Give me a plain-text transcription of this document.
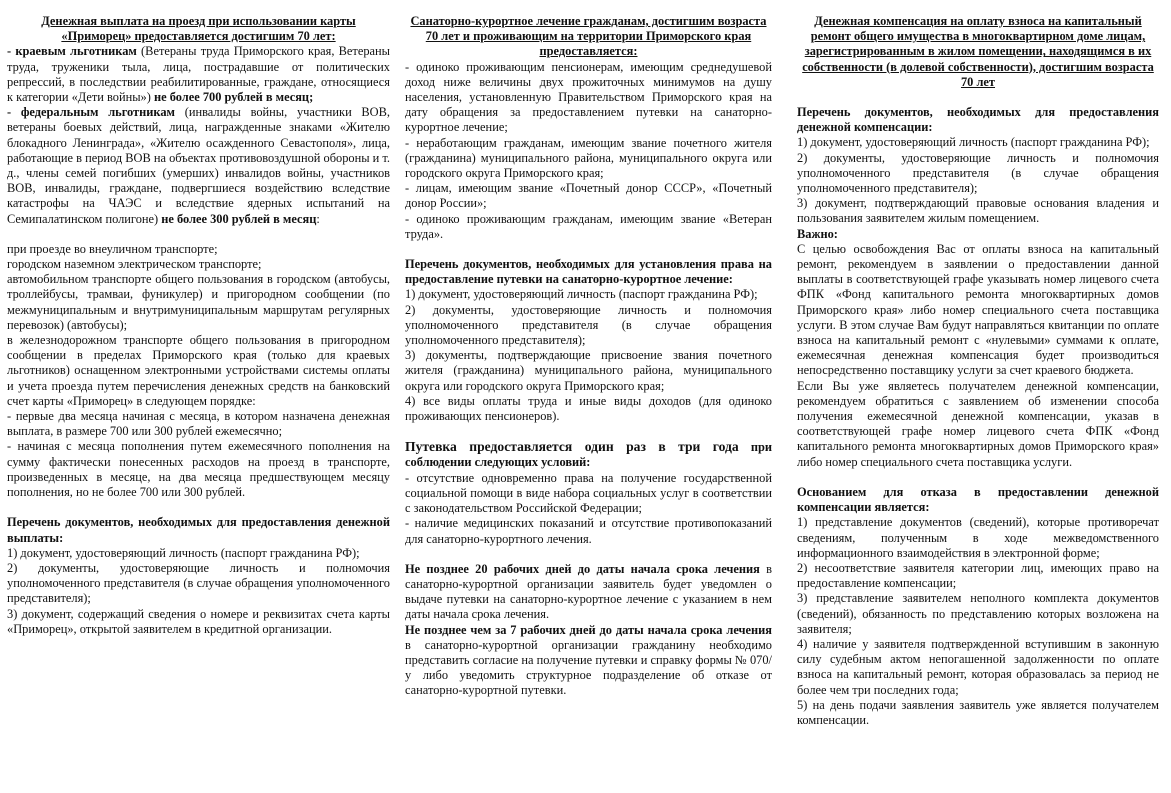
Денежная выплата на проезд при использовании карты «Приморец» предоставляется достигшим 70 лет:

- краевым льготникам (Ветераны труда Приморского края, Ветераны труда, труженики тыла, лица, пострадавшие от политических репрессий, в последствии реабилитированные, граждане, относящиеся к категории «Дети войны») не более 700 рублей в месяц;

- федеральным льготникам (инвалиды войны, участники ВОВ, ветераны боевых действий, лица, награжденные знаками «Жителю блокадного Ленинграда», «Жителю осажденного Севастополя», лица, работающие в период ВОВ на объектах противовоздушной обороны и т. д., члены семей погибших (умерших) инвалидов войны, участников ВОВ, инвалиды, граждане, подвергшиеся воздействию вследствие катастрофы на ЧАЭС и вследствие ядерных испытаний на Семипалатинском полигоне) не более 300 рублей в месяц:

при проезде во внеуличном транспорте;

городском наземном электрическом транспорте;

автомобильном транспорте общего пользования в городском (автобусы, троллейбусы, трамваи, фуникулер) и пригородном сообщении (по межмуниципальным и внутримуниципальным маршрутам регулярных перевозок) (автобусы);

в железнодорожном транспорте общего пользования в пригородном сообщении в пределах Приморского края (только для краевых льготников) оснащенном электронными устройствами системы оплаты и учета проезда путем перечисления денежных средств на банковский счет карты «Приморец» в следующем порядке:

- первые два месяца начиная с месяца, в котором назначена денежная выплата, в размере 700 или 300 рублей ежемесячно;

- начиная с месяца пополнения путем ежемесячного пополнения на сумму фактически понесенных расходов на проезд в транспорте, произведенных в месяце, на два месяца предшествующем месяцу пополнения, но не более 700 или 300 рублей.

Перечень документов, необходимых для предоставления денежной выплаты:

1) документ, удостоверяющий личность (паспорт гражданина РФ);

2) документы, удостоверяющие личность и полномочия уполномоченного представителя (в случае обращения уполномоченного представителя);

3) документ, содержащий сведения о номере и реквизитах счета карты «Приморец», открытой заявителем в кредитной организации.

Санаторно-курортное лечение гражданам, достигшим возраста 70 лет и проживающим на территории Приморского края предоставляется:

- одиноко проживающим пенсионерам, имеющим среднедушевой доход ниже величины двух прожиточных минимумов на душу населения, установленную Правительством Приморского края на дату обращения за предоставлением путевки на санаторно-курортное лечение;

- неработающим гражданам, имеющим звание почетного жителя (гражданина) муниципального района, муниципального округа или городского округа Приморского края;

- лицам, имеющим звание «Почетный донор СССР», «Почетный донор России»;

- одиноко проживающим гражданам, имеющим звание «Ветеран труда».

Перечень документов, необходимых для установления права на предоставление путевки на санаторно-курортное лечение:

1) документ, удостоверяющий личность (паспорт гражданина РФ);

2) документы, удостоверяющие личность и полномочия уполномоченного представителя (в случае обращения уполномоченного представителя);

3) документы, подтверждающие присвоение звания почетного жителя (гражданина) муниципального района, муниципального округа или городского округа Приморского края;

4) все виды оплаты труда и иные виды доходов (для одиноко проживающих пенсионеров).

Путевка предоставляется один раз в три года при соблюдении следующих условий:

- отсутствие одновременно права на получение государственной социальной помощи в виде набора социальных услуг в соответствии с законодательством Российской Федерации;

- наличие медицинских показаний и отсутствие противопоказаний для санаторно-курортного лечения.

Не позднее 20 рабочих дней до даты начала срока лечения в санаторно-курортной организации заявитель будет уведомлен о выдаче путевки на санаторно-курортное лечение с указанием в нем даты начала срока лечения.

Не позднее чем за 7 рабочих дней до даты начала срока лечения в санаторно-курортной организации гражданину необходимо представить согласие на получение путевки и справку формы № 070/у либо уведомить структурное подразделение об отказе от санаторно-курортной путевки.

Денежная компенсация на оплату взноса на капитальный ремонт общего имущества в многоквартирном доме лицам, зарегистрированным в жилом помещении, находящимся в их собственности (в долевой собственности), достигшим возраста 70 лет

Перечень документов, необходимых для предоставления денежной компенсации:

1) документ, удостоверяющий личность (паспорт гражданина РФ);

2) документы, удостоверяющие личность и полномочия уполномоченного представителя (в случае обращения уполномоченного представителя);

3) документ, подтверждающий правовые основания владения и пользования заявителем жилым помещением.

Важно:

С целью освобождения Вас от оплаты взноса на капитальный ремонт, рекомендуем в заявлении о предоставлении данной выплаты в соответствующей графе указывать номер лицевого счета ФПК «Фонд капитального ремонта многоквартирных домов Приморского края» либо номер специального счета поставщика услуги. В этом случае Вам будут направляться квитанции по оплате взноса на капитальный ремонт с «нулевыми» суммами к оплате, ежемесячная денежная компенсация будет производиться непосредственно поставщику услуги за счет краевого бюджета.

Если Вы уже являетесь получателем денежной компенсации, рекомендуем обратиться с заявлением об изменении способа получения ежемесячной денежной компенсации, указав в соответствующей графе номер лицевого счета ФПК «Фонд капитального ремонта многоквартирных домов Приморского края» либо номер специального счета поставщика услуги.

Основанием для отказа в предоставлении денежной компенсации является:

1) представление документов (сведений), которые противоречат сведениям, полученным в ходе межведомственного информационного взаимодействия в электронной форме;

2) несоответствие заявителя категории лиц, имеющих право на предоставление компенсации;

3) представление заявителем неполного комплекта документов (сведений), обязанность по представлению которых возложена на заявителя;

4) наличие у заявителя подтвержденной вступившим в законную силу судебным актом непогашенной задолженности по оплате взноса на капитальный ремонт, которая образовалась за период не более чем три последних года;

5) на день подачи заявления заявитель уже является получателем компенсации.
